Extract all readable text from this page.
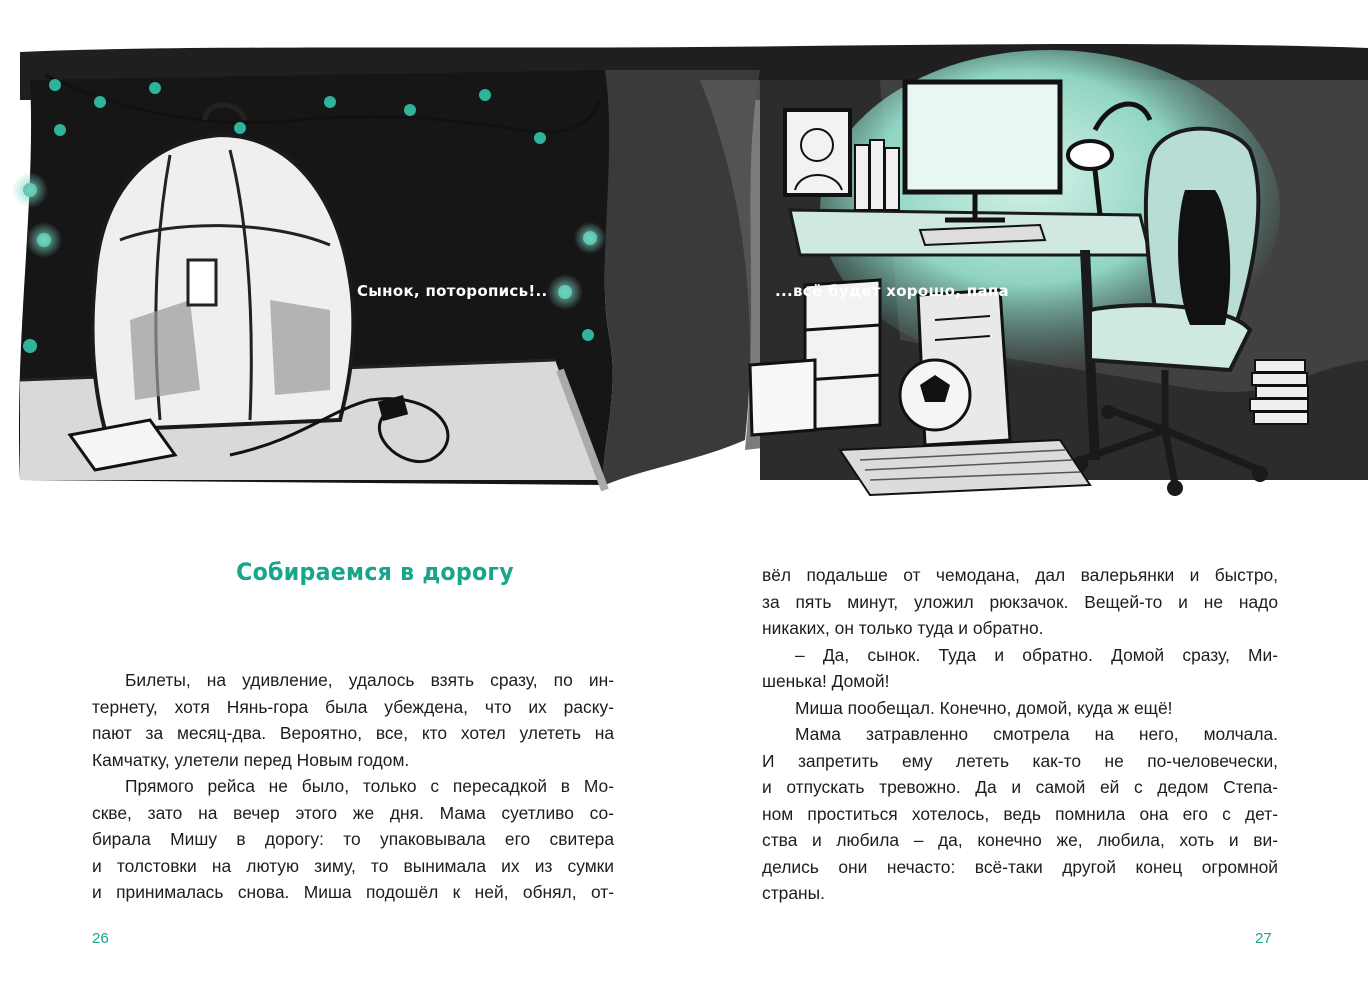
Сынок, поторопись!..	...всё будет хорошо, папа
Собираемся в дорогу
Билеты, на удивление, удалось взять сразу, по ин-
тернету, хотя Нянь-гора была убеждена, что их раску-
пают за месяц-два. Вероятно, все, кто хотел улететь на
Камчатку, улетели перед Новым годом.
Прямого рейса не было, только с пересадкой в Мо-
скве, зато на вечер этого же дня. Мама суетливо со-
бирала Мишу в дорогу: то упаковывала его свитера
и толстовки на лютую зиму, то вынимала их из сумки
и принималась снова. Миша подошёл к ней, обнял, от-
вёл подальше от чемодана, дал валерьянки и быстро,
за пять минут, уложил рюкзачок. Вещей-то и не надо
никаких, он только туда и обратно.
– Да, сынок. Туда и обратно. Домой сразу, Ми-
шенька! Домой!
Миша пообещал. Конечно, домой, куда ж ещё!
Мама затравленно смотрела на него, молчала.
И запретить ему лететь как-то не по-человечески,
и отпускать тревожно. Да и самой ей с дедом Степа-
ном проститься хотелось, ведь помнила она его с дет-
ства и любила – да, конечно же, любила, хоть и ви-
делись они нечасто: всё-таки другой конец огромной
страны.
26	27
